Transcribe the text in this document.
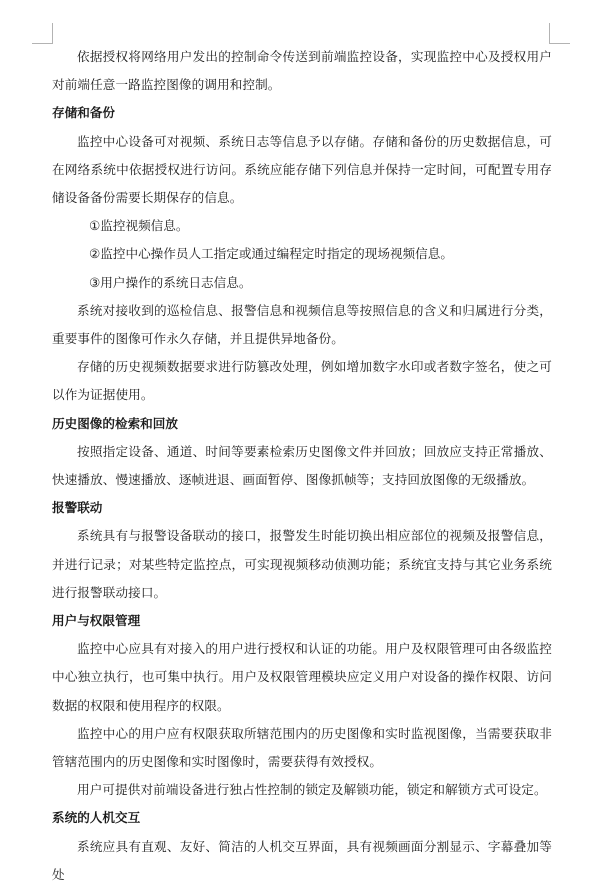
依据授权将网络用户发出的控制命令传送到前端监控设备，实现监控中心及授权用户对前端任意一路监控图像的调用和控制。

存储和备份

监控中心设备可对视频、系统日志等信息予以存储。存储和备份的历史数据信息，可在网络系统中依据授权进行访问。系统应能存储下列信息并保持一定时间，可配置专用存储设备备份需要长期保存的信息。

①监控视频信息。

②监控中心操作员人工指定或通过编程定时指定的现场视频信息。

③用户操作的系统日志信息。

系统对接收到的巡检信息、报警信息和视频信息等按照信息的含义和归属进行分类，重要事件的图像可作永久存储，并且提供异地备份。

存储的历史视频数据要求进行防篡改处理，例如增加数字水印或者数字签名，使之可以作为证据使用。

历史图像的检索和回放

按照指定设备、通道、时间等要素检索历史图像文件并回放；回放应支持正常播放、快速播放、慢速播放、逐帧进退、画面暂停、图像抓帧等；支持回放图像的无级播放。

报警联动

系统具有与报警设备联动的接口，报警发生时能切换出相应部位的视频及报警信息，并进行记录；对某些特定监控点，可实现视频移动侦测功能；系统宜支持与其它业务系统进行报警联动接口。

用户与权限管理

监控中心应具有对接入的用户进行授权和认证的功能。用户及权限管理可由各级监控中心独立执行，也可集中执行。用户及权限管理模块应定义用户对设备的操作权限、访问数据的权限和使用程序的权限。

监控中心的用户应有权限获取所辖范围内的历史图像和实时监视图像，当需要获取非管辖范围内的历史图像和实时图像时，需要获得有效授权。

用户可提供对前端设备进行独占性控制的锁定及解锁功能，锁定和解锁方式可设定。

系统的人机交互

系统应具有直观、友好、简洁的人机交互界面，具有视频画面分割显示、字幕叠加等处
